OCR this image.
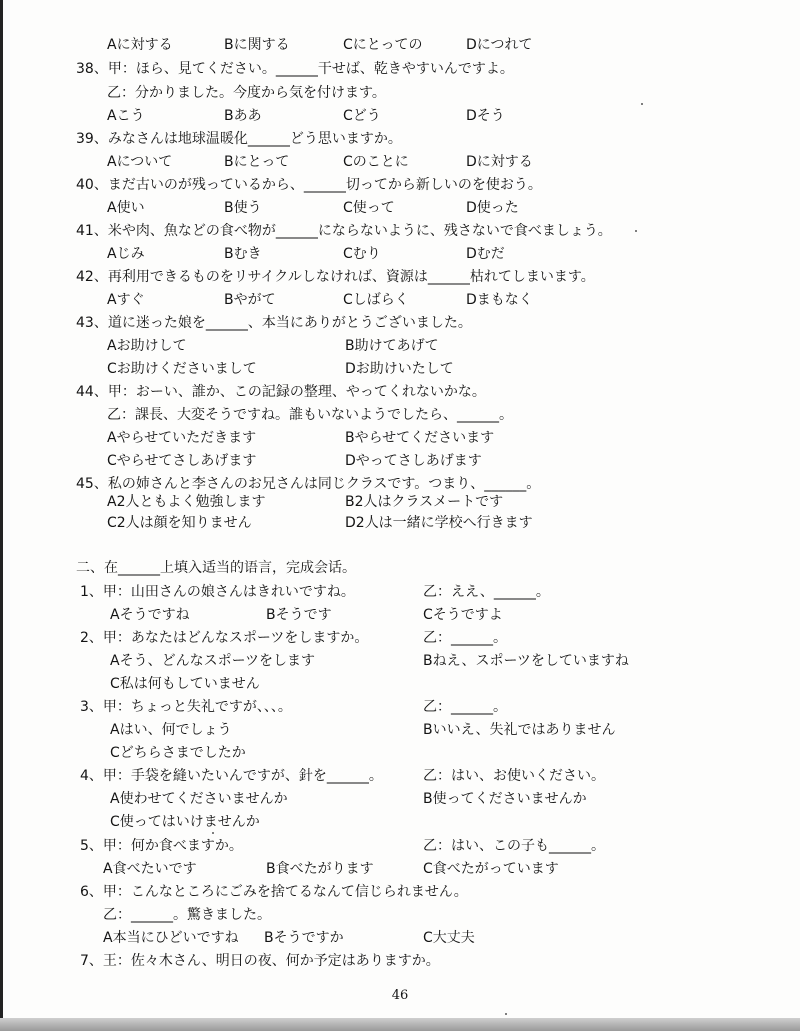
Aに対する	Bに関する	Cにとっての	Dにつれて
38、甲：ほら、見てください。______干せば、乾きやすいんですよ。
乙：分かりました。今度から気を付けます。
Aこう	Bああ	Cどう	Dそう
39、みなさんは地球温暖化______どう思いますか。
Aについて	Bにとって	Cのことに	Dに対する
40、まだ古いのが残っているから、______切ってから新しいのを使おう。
A使い	B使う	C使って	D使った
41、米や肉、魚などの食べ物が______にならないように、残さないで食べましょう。
Aじみ	Bむき	Cむり	Dむだ
42、再利用できるものをリサイクルしなければ、資源は______枯れてしまいます。
Aすぐ	Bやがて	Cしばらく	Dまもなく
43、道に迷った娘を______、本当にありがとうございました。
Aお助けして	B助けてあげて
Cお助けくださいまして	Dお助けいたして
44、甲：おーい、誰か、この記録の整理、やってくれないかな。
乙：課長、大変そうですね。誰もいないようでしたら、______。
Aやらせていただきます	Bやらせてくださいます
Cやらせてさしあげます	Dやってさしあげます
45、私の姉さんと李さんのお兄さんは同じクラスです。つまり、______。
A2人ともよく勉強します	B2人はクラスメートです
C2人は顔を知りません	D2人は一緒に学校へ行きます
二、在______上填入适当的语言，完成会话。
1、甲：山田さんの娘さんはきれいですね。	乙：ええ、______。
Aそうですね	Bそうです	Cそうですよ
2、甲：あなたはどんなスポーツをしますか。	乙：______。
Aそう、どんなスポーツをします	Bねえ、スポーツをしていますね
C私は何もしていません
3、甲：ちょっと失礼ですが、、、。	乙：______。
Aはい、何でしょう	Bいいえ、失礼ではありません
Cどちらさまでしたか
4、甲：手袋を縫いたいんですが、針を______。	乙：はい、お使いください。
A使わせてくださいませんか	B使ってくださいませんか
C使ってはいけませんか
5、甲：何か食べますか。	乙：はい、この子も______。
A食べたいです	B食べたがります	C食べたがっています
6、甲：こんなところにごみを捨てるなんて信じられません。
乙：______。驚きました。
A本当にひどいですね Bそうですか	C大丈夫
7、王：佐々木さん、明日の夜、何か予定はありますか。
46
